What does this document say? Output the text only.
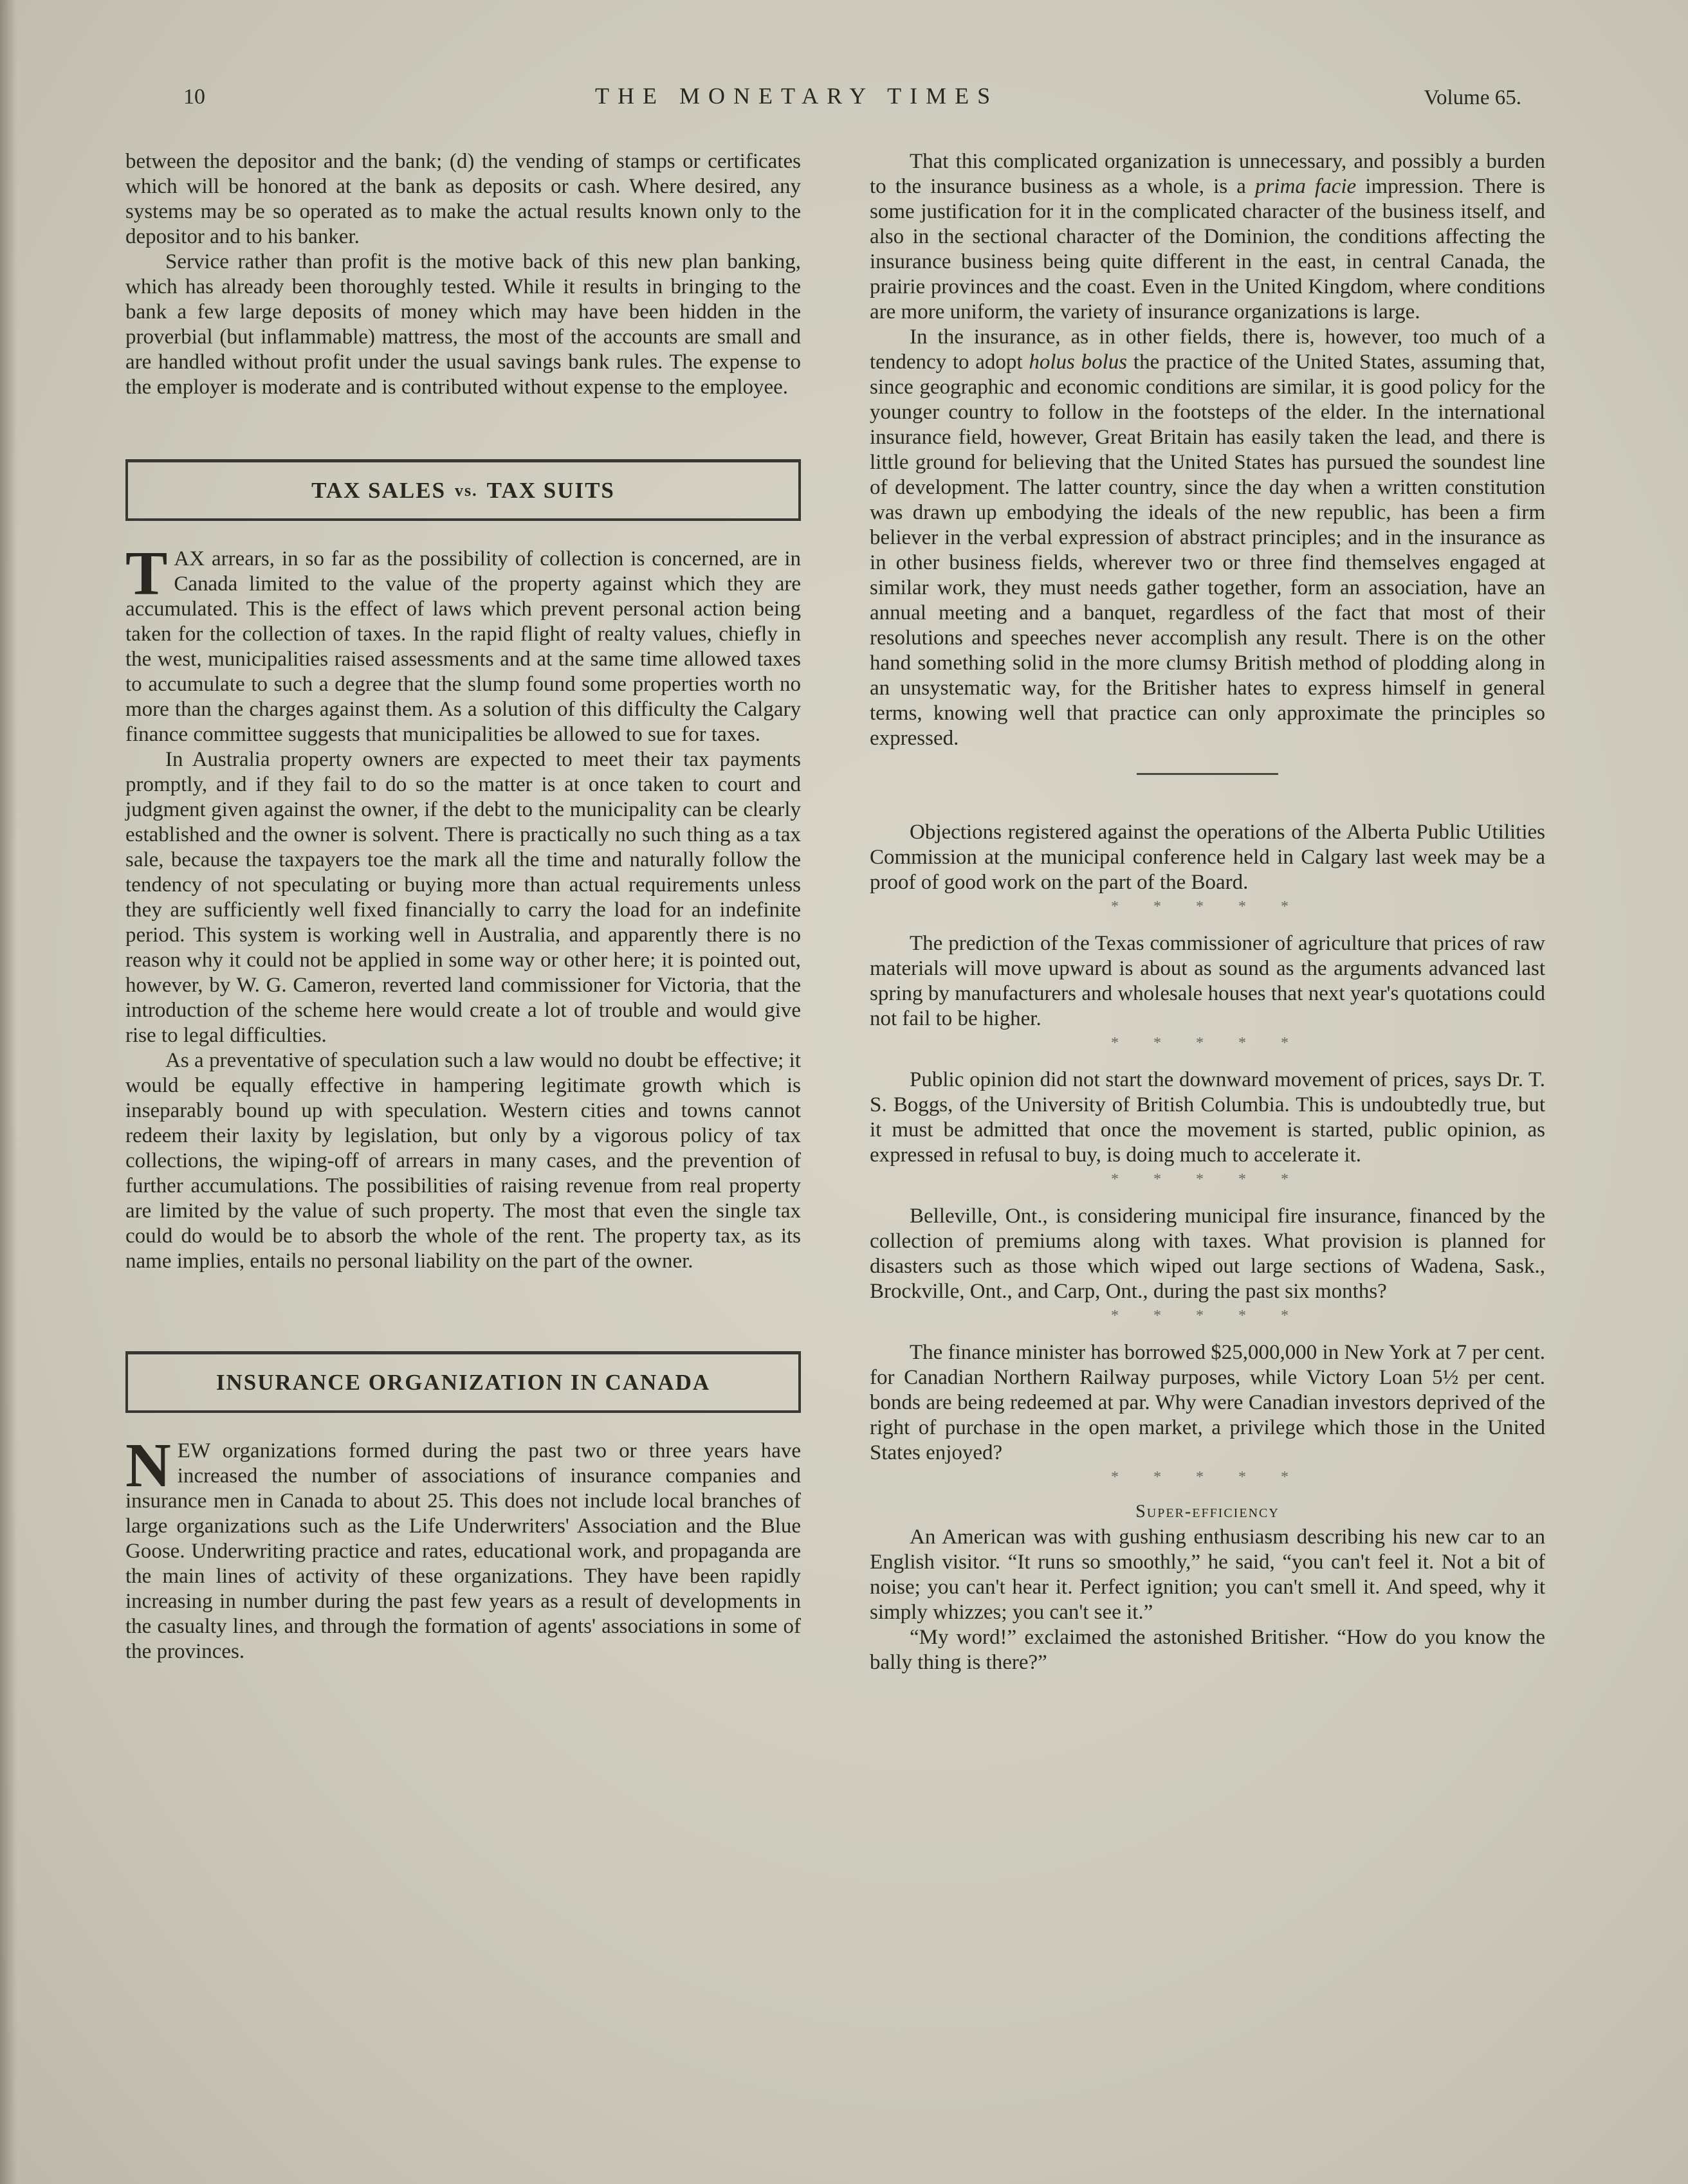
10	THE MONETARY TIMES	Volume 65.

between the depositor and the bank; (d) the vending of stamps or certificates which will be honored at the bank as deposits or cash. Where desired, any systems may be so operated as to make the actual results known only to the depositor and to his banker.

Service rather than profit is the motive back of this new plan banking, which has already been thoroughly tested. While it results in bringing to the bank a few large deposits of money which may have been hidden in the proverbial (but inflammable) mattress, the most of the accounts are small and are handled without profit under the usual savings bank rules. The expense to the employer is moderate and is contributed without expense to the employee.

TAX SALES vs. TAX SUITS

TAX arrears, in so far as the possibility of collection is concerned, are in Canada limited to the value of the property against which they are accumulated. This is the effect of laws which prevent personal action being taken for the collection of taxes. In the rapid flight of realty values, chiefly in the west, municipalities raised assessments and at the same time allowed taxes to accumulate to such a degree that the slump found some properties worth no more than the charges against them. As a solution of this difficulty the Calgary finance committee suggests that municipalities be allowed to sue for taxes.

In Australia property owners are expected to meet their tax payments promptly, and if they fail to do so the matter is at once taken to court and judgment given against the owner, if the debt to the municipality can be clearly established and the owner is solvent. There is practically no such thing as a tax sale, because the taxpayers toe the mark all the time and naturally follow the tendency of not speculating or buying more than actual requirements unless they are sufficiently well fixed financially to carry the load for an indefinite period. This system is working well in Australia, and apparently there is no reason why it could not be applied in some way or other here; it is pointed out, however, by W. G. Cameron, reverted land commissioner for Victoria, that the introduction of the scheme here would create a lot of trouble and would give rise to legal difficulties.

As a preventative of speculation such a law would no doubt be effective; it would be equally effective in hampering legitimate growth which is inseparably bound up with speculation. Western cities and towns cannot redeem their laxity by legislation, but only by a vigorous policy of tax collections, the wiping-off of arrears in many cases, and the prevention of further accumulations. The possibilities of raising revenue from real property are limited by the value of such property. The most that even the single tax could do would be to absorb the whole of the rent. The property tax, as its name implies, entails no personal liability on the part of the owner.

INSURANCE ORGANIZATION IN CANADA

NEW organizations formed during the past two or three years have increased the number of associations of insurance companies and insurance men in Canada to about 25. This does not include local branches of large organizations such as the Life Underwriters' Association and the Blue Goose. Underwriting practice and rates, educational work, and propaganda are the main lines of activity of these organizations. They have been rapidly increasing in number during the past few years as a result of developments in the casualty lines, and through the formation of agents' associations in some of the provinces.

That this complicated organization is unnecessary, and possibly a burden to the insurance business as a whole, is a prima facie impression. There is some justification for it in the complicated character of the business itself, and also in the sectional character of the Dominion, the conditions affecting the insurance business being quite different in the east, in central Canada, the prairie provinces and the coast. Even in the United Kingdom, where conditions are more uniform, the variety of insurance organizations is large.

In the insurance, as in other fields, there is, however, too much of a tendency to adopt holus bolus the practice of the United States, assuming that, since geographic and economic conditions are similar, it is good policy for the younger country to follow in the footsteps of the elder. In the international insurance field, however, Great Britain has easily taken the lead, and there is little ground for believing that the United States has pursued the soundest line of development. The latter country, since the day when a written constitution was drawn up embodying the ideals of the new republic, has been a firm believer in the verbal expression of abstract principles; and in the insurance as in other business fields, wherever two or three find themselves engaged at similar work, they must needs gather together, form an association, have an annual meeting and a banquet, regardless of the fact that most of their resolutions and speeches never accomplish any result. There is on the other hand something solid in the more clumsy British method of plodding along in an unsystematic way, for the Britisher hates to express himself in general terms, knowing well that practice can only approximate the principles so expressed.

Objections registered against the operations of the Alberta Public Utilities Commission at the municipal conference held in Calgary last week may be a proof of good work on the part of the Board.

* * * * *

The prediction of the Texas commissioner of agriculture that prices of raw materials will move upward is about as sound as the arguments advanced last spring by manufacturers and wholesale houses that next year's quotations could not fail to be higher.

* * * * *

Public opinion did not start the downward movement of prices, says Dr. T. S. Boggs, of the University of British Columbia. This is undoubtedly true, but it must be admitted that once the movement is started, public opinion, as expressed in refusal to buy, is doing much to accelerate it.

* * * * *

Belleville, Ont., is considering municipal fire insurance, financed by the collection of premiums along with taxes. What provision is planned for disasters such as those which wiped out large sections of Wadena, Sask., Brockville, Ont., and Carp, Ont., during the past six months?

* * * * *

The finance minister has borrowed $25,000,000 in New York at 7 per cent. for Canadian Northern Railway purposes, while Victory Loan 5½ per cent. bonds are being redeemed at par. Why were Canadian investors deprived of the right of purchase in the open market, a privilege which those in the United States enjoyed?

* * * * *
Super-efficiency

An American was with gushing enthusiasm describing his new car to an English visitor. “It runs so smoothly,” he said, “you can't feel it. Not a bit of noise; you can't hear it. Perfect ignition; you can't smell it. And speed, why it simply whizzes; you can't see it.”

“My word!” exclaimed the astonished Britisher. “How do you know the bally thing is there?”
